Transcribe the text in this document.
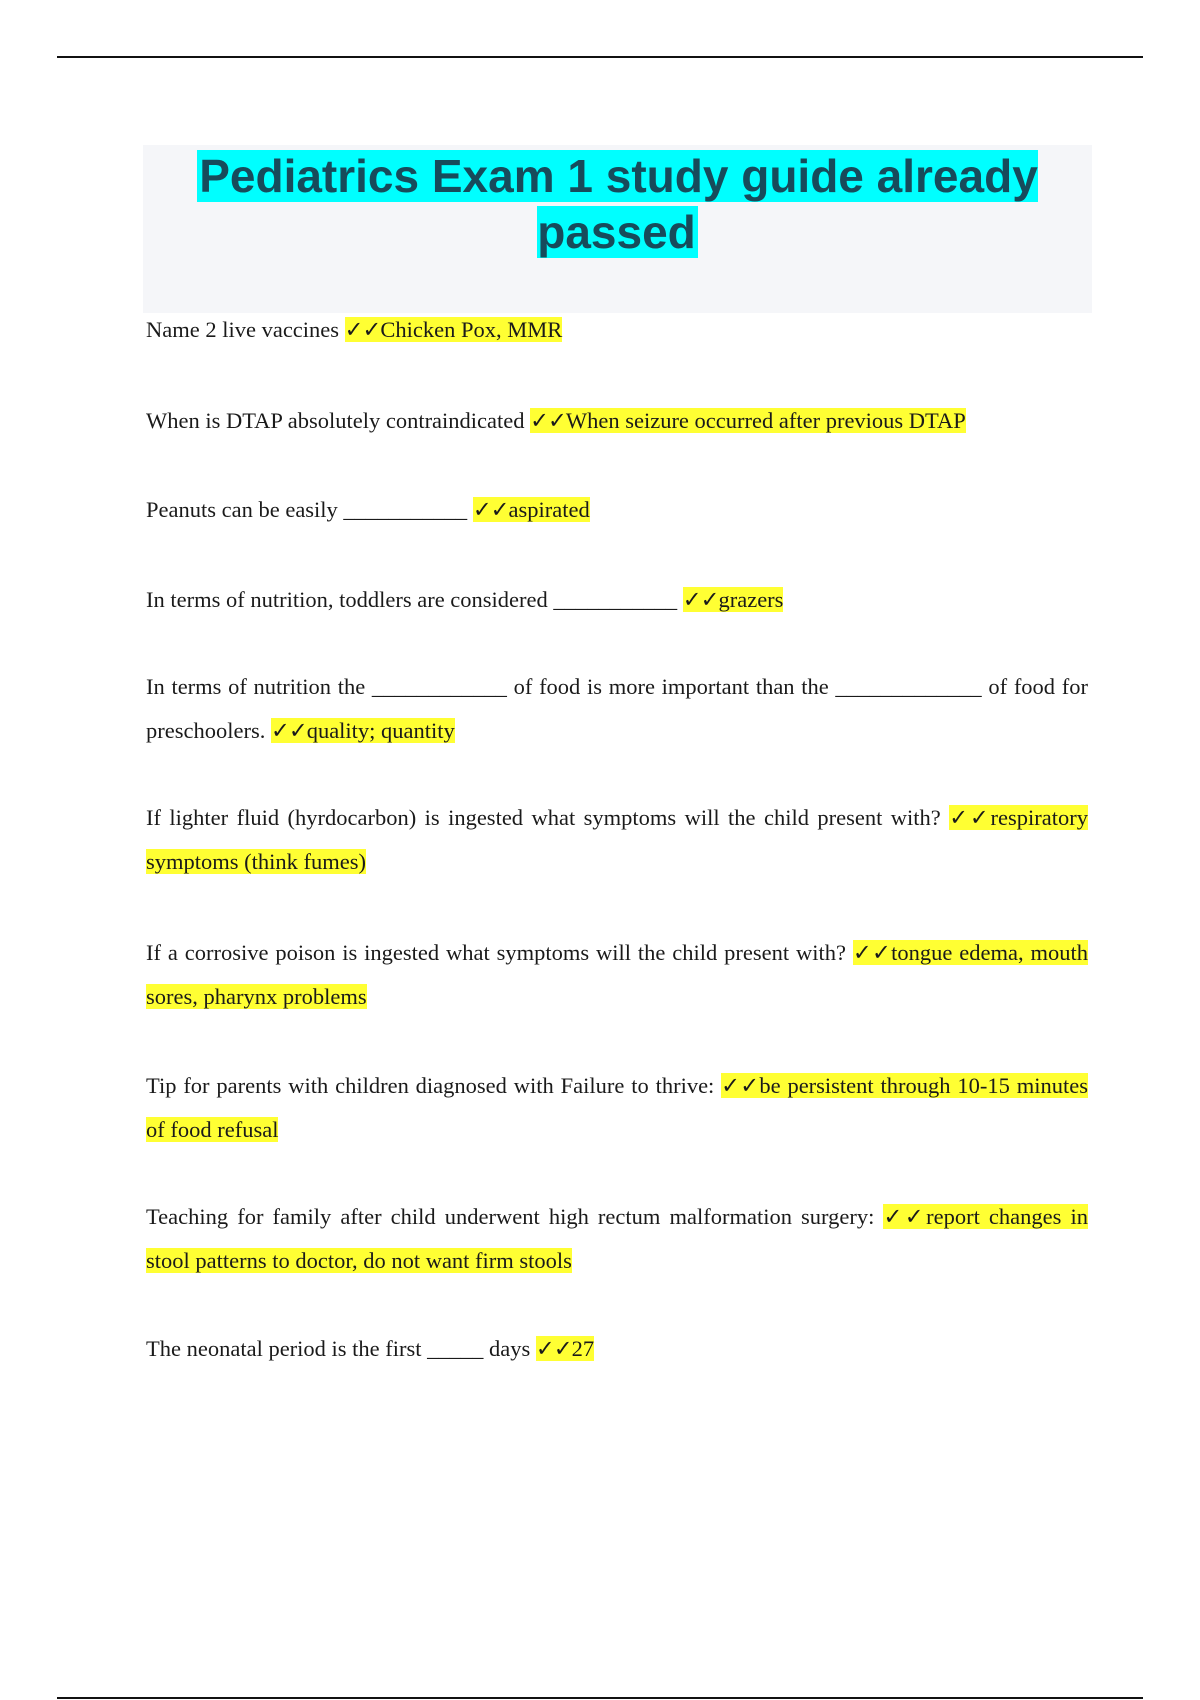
Pediatrics Exam 1 study guide already passed

Name 2 live vaccines ✓✓Chicken Pox, MMR

When is DTAP absolutely contraindicated ✓✓When seizure occurred after previous DTAP

Peanuts can be easily ___________ ✓✓aspirated

In terms of nutrition, toddlers are considered ___________ ✓✓grazers

In terms of nutrition the ____________ of food is more important than the _____________ of food for preschoolers. ✓✓quality; quantity

If lighter fluid (hyrdocarbon) is ingested what symptoms will the child present with? ✓✓respiratory symptoms (think fumes)

If a corrosive poison is ingested what symptoms will the child present with? ✓✓tongue edema, mouth sores, pharynx problems

Tip for parents with children diagnosed with Failure to thrive: ✓✓be persistent through 10-15 minutes of food refusal

Teaching for family after child underwent high rectum malformation surgery: ✓✓report changes in stool patterns to doctor, do not want firm stools

The neonatal period is the first _____ days ✓✓27
